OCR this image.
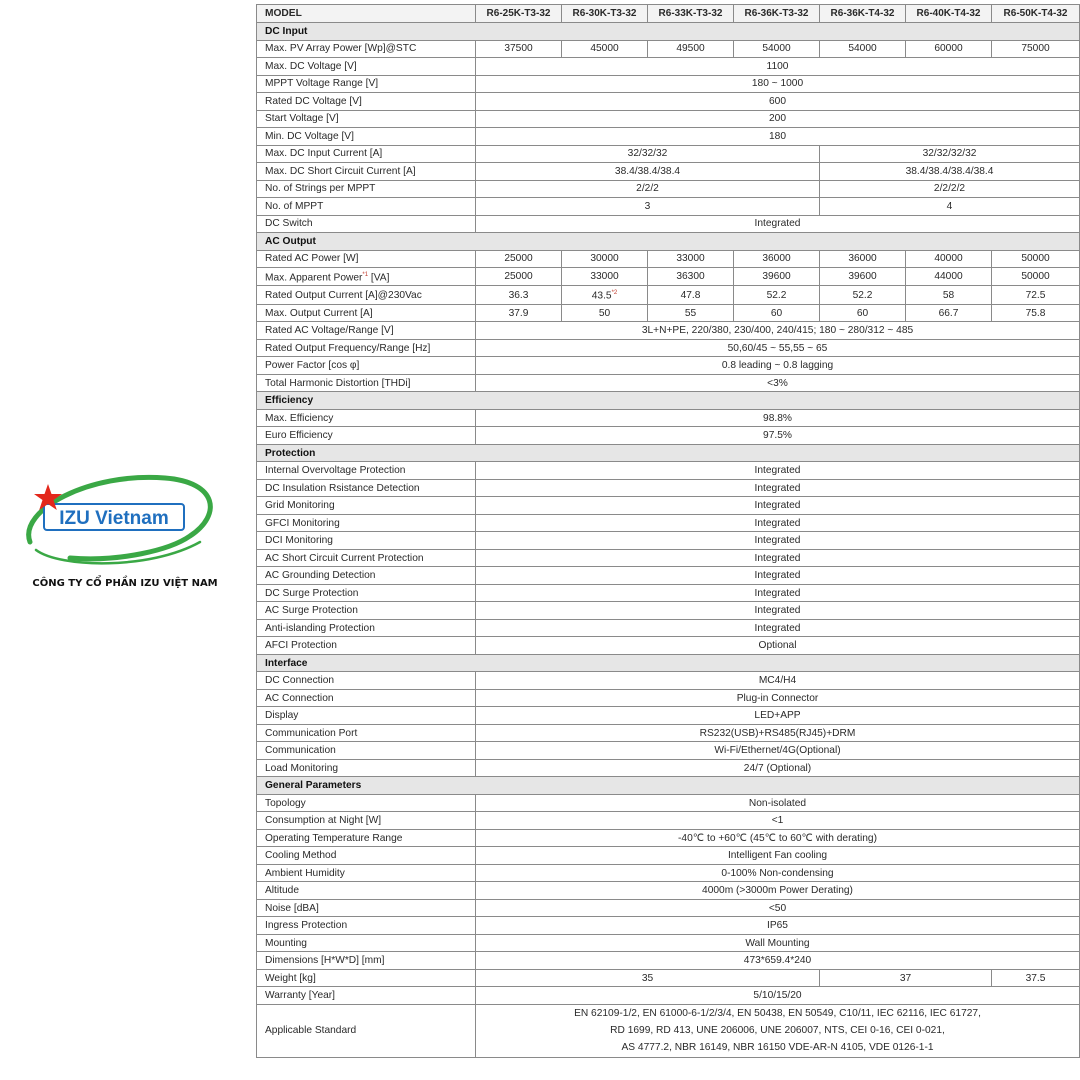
IZU Vietnam
CÔNG TY CỔ PHẦN IZU VIỆT NAM
MODEL	R6-25K-T3-32	R6-30K-T3-32	R6-33K-T3-32	R6-36K-T3-32	R6-36K-T4-32	R6-40K-T4-32	R6-50K-T4-32
DC Input							
Max. PV Array Power [Wp]@STC	37500	45000	49500	54000	54000	60000	75000
Max. DC Voltage [V]	1100						
MPPT Voltage Range [V]	180 ~ 1000						
Rated DC Voltage [V]	600						
Start Voltage [V]	200						
Min. DC Voltage [V]	180						
Max. DC Input Current [A]	32/32/32				32/32/32/32		
Max. DC Short Circuit Current [A]	38.4/38.4/38.4				38.4/38.4/38.4/38.4		
No. of Strings per MPPT	2/2/2				2/2/2/2		
No. of MPPT	3				4		
DC Switch	Integrated						
AC Output							
Rated AC Power [W]	25000	30000	33000	36000	36000	40000	50000
Max. Apparent Power$^{*1}$ [VA]	25000	33000	36300	39600	39600	44000	50000
Rated Output Current [A]@230Vac	36.3	43.5$^{*2}$	47.8	52.2	52.2	58	72.5
Max. Output Current [A]	37.9	50	55	60	60	66.7	75.8
Rated AC Voltage/Range [V]	3L+N+PE, 220/380, 230/400, 240/415; 180 ~ 280/312 ~ 485						
Rated Output Frequency/Range [Hz]	50,60/45 ~ 55,55 ~ 65						
Power Factor [cos φ]	0.8 leading ~ 0.8 lagging						
Total Harmonic Distortion [THDi]	<3%						
Efficiency							
Max. Efficiency	98.8%						
Euro Efficiency	97.5%						
Protection							
Internal Overvoltage Protection	Integrated						
DC Insulation Rsistance Detection	Integrated						
Grid Monitoring	Integrated						
GFCI Monitoring	Integrated						
DCI Monitoring	Integrated						
AC Short Circuit Current Protection	Integrated						
AC Grounding Detection	Integrated						
DC Surge Protection	Integrated						
AC Surge Protection	Integrated						
Anti-islanding Protection	Integrated						
AFCI Protection	Optional						
Interface							
DC Connection	MC4/H4						
AC Connection	Plug-in Connector						
Display	LED+APP						
Communication Port	RS232(USB)+RS485(RJ45)+DRM						
Communication	Wi-Fi/Ethernet/4G(Optional)						
Load Monitoring	24/7 (Optional)						
General Parameters							
Topology	Non-isolated						
Consumption at Night [W]	<1						
Operating Temperature Range	-40℃ to +60℃ (45℃ to 60℃ with derating)						
Cooling Method	Intelligent Fan cooling						
Ambient Humidity	0-100% Non-condensing						
Altitude	4000m (>3000m Power Derating)						
Noise [dBA]	<50						
Ingress Protection	IP65						
Mounting	Wall Mounting						
Dimensions [H*W*D] [mm]	473*659.4*240						
Weight [kg]	35				37		37.5
Warranty [Year]	5/10/15/20						
Applicable Standard	EN 62109-1/2, EN 61000-6-1/2/3/4, EN 50438, EN 50549, C10/11, IEC 62116, IEC 61727,
RD 1699, RD 413, UNE 206006, UNE 206007, NTS, CEI 0-16, CEI 0-021,
AS 4777.2, NBR 16149, NBR 16150 VDE-AR-N 4105, VDE 0126-1-1						
